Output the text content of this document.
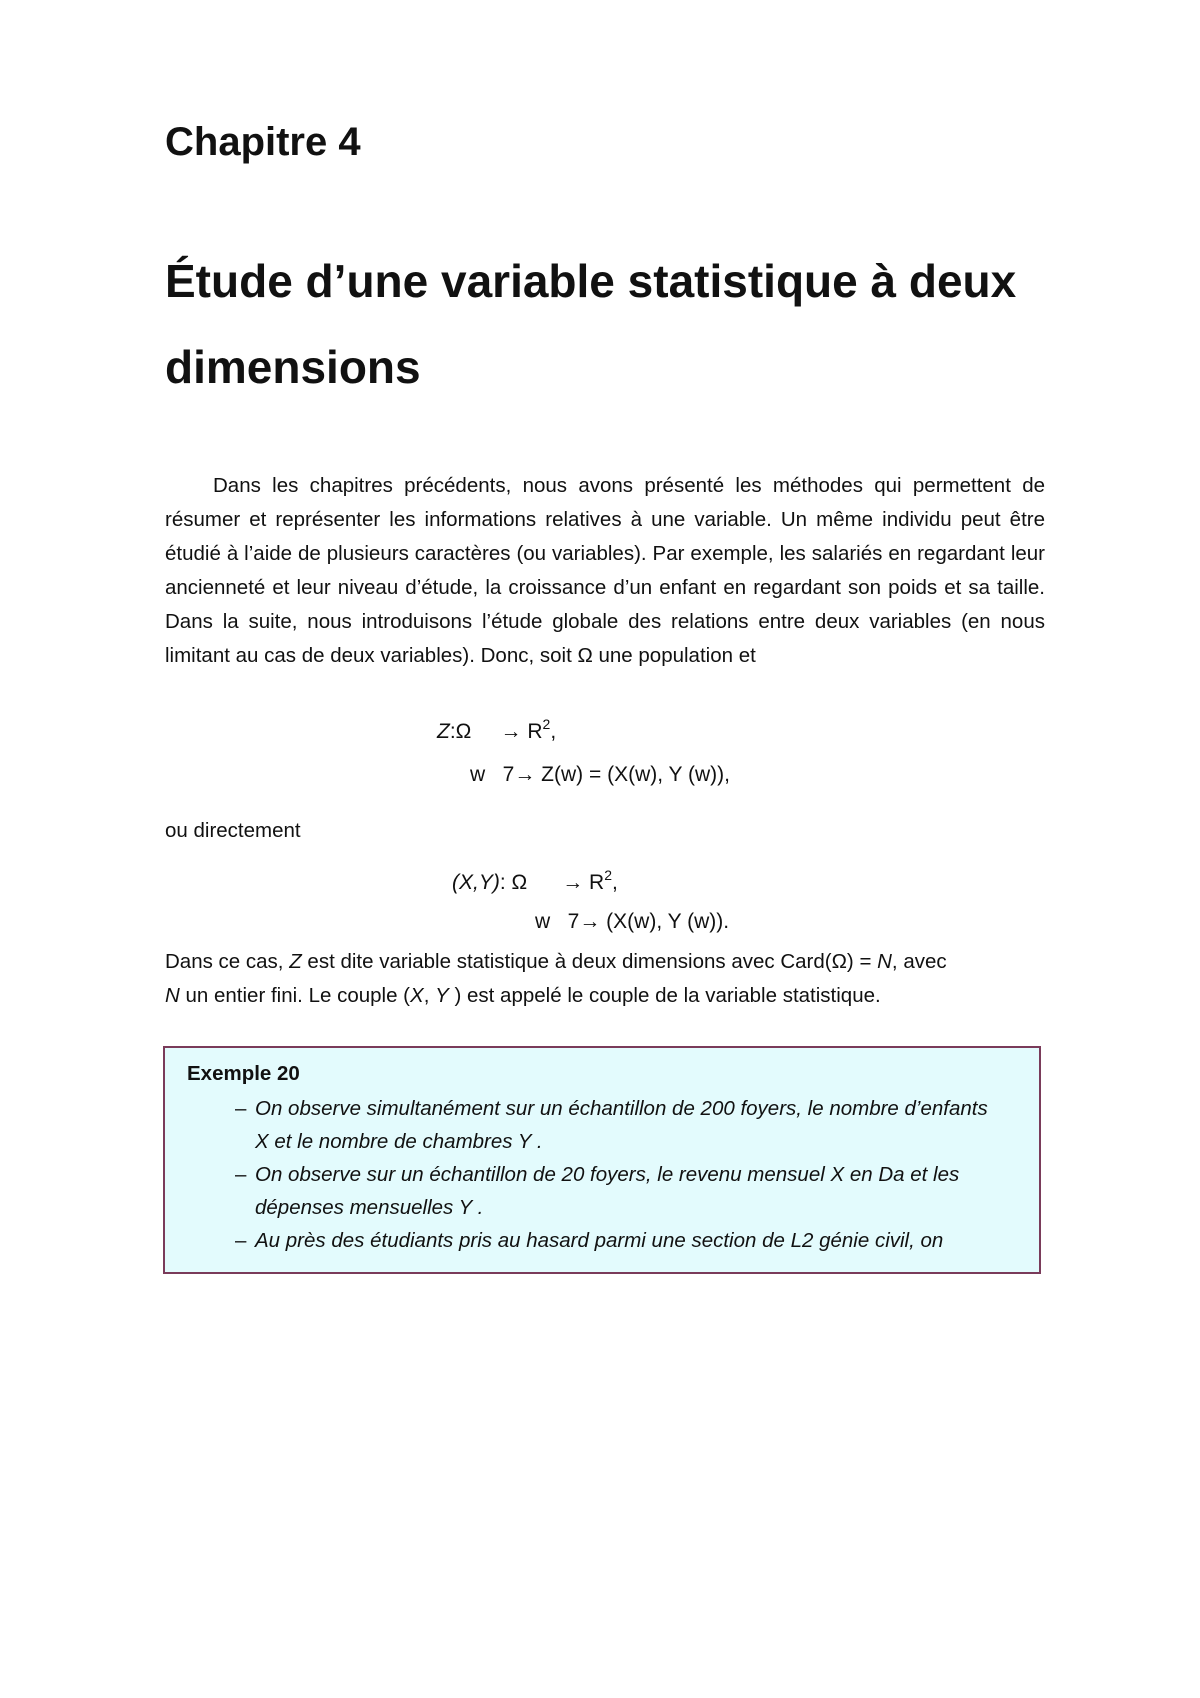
Chapitre 4
Étude d’une variable statistique à deux dimensions

Dans les chapitres précédents, nous avons présenté les méthodes qui permettent de résumer et représenter les informations relatives à une variable. Un même individu peut être étudié à l’aide de plusieurs caractères (ou variables). Par exemple, les salariés en regardant leur ancienneté et leur niveau d’étude, la croissance d’un enfant en regardant son poids et sa taille. Dans la suite, nous introduisons l’étude globale des relations entre deux variables (en nous limitant au cas de deux variables). Donc, soit Ω une population et

Z:Ω     → $R^2$,
w   7→ Z(w) = (X(w), Y (w)),

ou directement

(X,Y): Ω      → $R^2$,
w   7→ (X(w), Y (w)).

Dans ce cas, Z est dite variable statistique à deux dimensions avec Card(Ω) = N, avec
N un entier fini. Le couple (X, Y ) est appelé le couple de la variable statistique.

Exemple 20

– On observe simultanément sur un échantillon de 200 foyers, le nombre d’enfants X et le nombre de chambres Y .
– On observe sur un échantillon de 20 foyers, le revenu mensuel X en Da et les dépenses mensuelles Y .
– Au près des étudiants pris au hasard parmi une section de L2 génie civil, on
